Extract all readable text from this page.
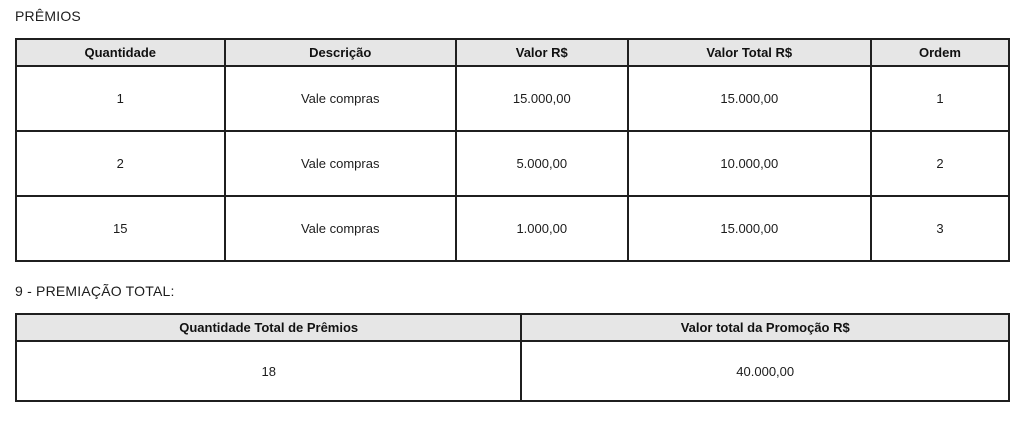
PRÊMIOS
Quantidade	Descrição	Valor R$	Valor Total R$	Ordem
1	Vale compras	15.000,00	15.000,00	1
2	Vale compras	5.000,00	10.000,00	2
15	Vale compras	1.000,00	15.000,00	3
9 - PREMIAÇÃO TOTAL:
Quantidade Total de Prêmios	Valor total da Promoção R$
18	40.000,00
